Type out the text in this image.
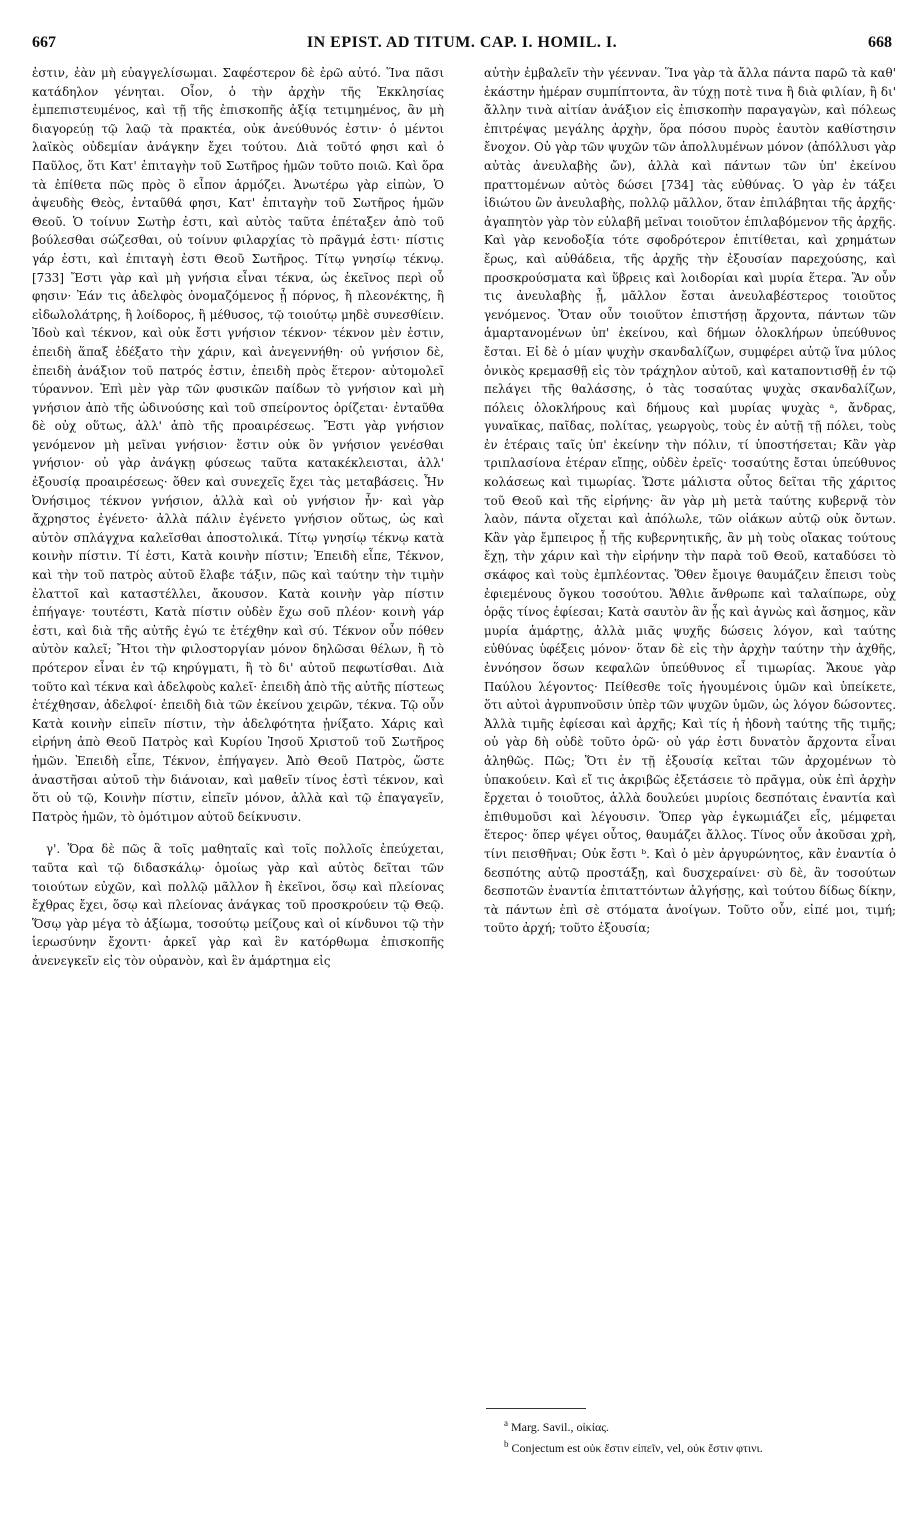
667	IN EPIST. AD TITUM. CAP. I. HOMIL. I.	668

ἐστιν, ἐὰν μὴ εὐαγγελίσωμαι. Σαφέστερον δὲ ἐρῶ αὐτό. Ἵνα πᾶσι κατάδηλον γένηται. Οἷον, ὁ τὴν ἀρχὴν τῆς Ἐκκλησίας ἐμπεπιστευμένος, καὶ τῇ τῆς ἐπισκοπῆς ἀξίᾳ τετιμημένος, ἂν μὴ διαγορεύῃ τῷ λαῷ τὰ πρακτέα, οὐκ ἀνεύθυνός ἐστιν· ὁ μέντοι λαϊκὸς οὐδεμίαν ἀνάγκην ἔχει τούτου. Διὰ τοῦτό φησι καὶ ὁ Παῦλος, ὅτι Κατ' ἐπιταγὴν τοῦ Σωτῆρος ἡμῶν τοῦτο ποιῶ. Καὶ ὅρα τὰ ἐπίθετα πῶς πρὸς ὃ εἶπον ἁρμόζει. Ἀνωτέρω γὰρ εἰπὼν, Ὁ ἀψευδὴς Θεὸς, ἐνταῦθά φησι, Κατ' ἐπιταγὴν τοῦ Σωτῆρος ἡμῶν Θεοῦ. Ὁ τοίνυν Σωτὴρ ἐστι, καὶ αὐτὸς ταῦτα ἐπέταξεν ἀπὸ τοῦ βούλεσθαι σώζεσθαι, οὐ τοίνυν φιλαρχίας τὸ πρᾶγμά ἐστι· πίστις γάρ ἐστι, καὶ ἐπιταγὴ ἐστι Θεοῦ Σωτῆρος. Τίτῳ γνησίῳ τέκνῳ. [733] Ἔστι γὰρ καὶ μὴ γνήσια εἶναι τέκνα, ὡς ἐκεῖνος περὶ οὗ φησιν· Ἐάν τις ἀδελφὸς ὀνομαζόμενος ᾖ πόρνος, ἢ πλεονέκτης, ἢ εἰδωλολάτρης, ἢ λοίδορος, ἢ μέθυσος, τῷ τοιούτῳ μηδὲ συνεσθίειν. Ἰδοὺ καὶ τέκνον, καὶ οὐκ ἔστι γνήσιον τέκνον· τέκνον μὲν ἐστιν, ἐπειδὴ ἅπαξ ἐδέξατο τὴν χάριν, καὶ ἀνεγεννήθη· οὐ γνήσιον δὲ, ἐπειδὴ ἀνάξιον τοῦ πατρός ἐστιν, ἐπειδὴ πρὸς ἕτερον· αὐτομολεῖ τύραννον. Ἐπὶ μὲν γὰρ τῶν φυσικῶν παίδων τὸ γνήσιον καὶ μὴ γνήσιον ἀπὸ τῆς ὠδινούσης καὶ τοῦ σπείροντος ὁρίζεται· ἐνταῦθα δὲ οὐχ οὕτως, ἀλλ' ἀπὸ τῆς προαιρέσεως. Ἔστι γὰρ γνήσιον γενόμενον μὴ μεῖναι γνήσιον· ἔστιν οὐκ ὂν γνήσιον γενέσθαι γνήσιον· οὐ γὰρ ἀνάγκῃ φύσεως ταῦτα κατακέκλεισται, ἀλλ' ἐξουσίᾳ προαιρέσεως· ὅθεν καὶ συνεχεῖς ἔχει τὰς μεταβάσεις. Ἦν Ὀνήσιμος τέκνον γνήσιον, ἀλλὰ καὶ οὐ γνήσιον ἦν· καὶ γὰρ ἄχρηστος ἐγένετο· ἀλλὰ πάλιν ἐγένετο γνήσιον οὕτως, ὡς καὶ αὐτὸν σπλάγχνα καλεῖσθαι ἀποστολικά. Τίτῳ γνησίῳ τέκνῳ κατὰ κοινὴν πίστιν. Τί ἐστι, Κατὰ κοινὴν πίστιν; Ἐπειδὴ εἶπε, Τέκνον, καὶ τὴν τοῦ πατρὸς αὐτοῦ ἔλαβε τάξιν, πῶς καὶ ταύτην τὴν τιμὴν ἐλαττοῖ καὶ καταστέλλει, ἄκουσον. Κατὰ κοινὴν γὰρ πίστιν ἐπήγαγε· τουτέστι, Κατὰ πίστιν οὐδὲν ἔχω σοῦ πλέον· κοινὴ γάρ ἐστι, καὶ διὰ τῆς αὐτῆς ἐγώ τε ἐτέχθην καὶ σύ. Τέκνον οὖν πόθεν αὐτὸν καλεῖ; Ἤτοι τὴν φιλοστοργίαν μόνον δηλῶσαι θέλων, ἢ τὸ πρότερον εἶναι ἐν τῷ κηρύγματι, ἢ τὸ δι' αὐτοῦ πεφωτίσθαι. Διὰ τοῦτο καὶ τέκνα καὶ ἀδελφοὺς καλεῖ· ἐπειδὴ ἀπὸ τῆς αὐτῆς πίστεως ἐτέχθησαν, ἀδελφοί· ἐπειδὴ διὰ τῶν ἐκείνου χειρῶν, τέκνα. Τῷ οὖν Κατὰ κοινὴν εἰπεῖν πίστιν, τὴν ἀδελφότητα ᾐνίξατο. Χάρις καὶ εἰρήνη ἀπὸ Θεοῦ Πατρὸς καὶ Κυρίου Ἰησοῦ Χριστοῦ τοῦ Σωτῆρος ἡμῶν. Ἐπειδὴ εἶπε, Τέκνον, ἐπήγαγεν. Ἀπὸ Θεοῦ Πατρὸς, ὥστε ἀναστῆσαι αὐτοῦ τὴν διάνοιαν, καὶ μαθεῖν τίνος ἐστὶ τέκνον, καὶ ὅτι οὐ τῷ, Κοινὴν πίστιν, εἰπεῖν μόνον, ἀλλὰ καὶ τῷ ἐπαγαγεῖν, Πατρὸς ἡμῶν, τὸ ὁμότιμον αὐτοῦ δείκνυσιν.

γ'. Ὅρα δὲ πῶς ἃ τοῖς μαθηταῖς καὶ τοῖς πολλοῖς ἐπεύχεται, ταῦτα καὶ τῷ διδασκάλῳ· ὁμοίως γὰρ καὶ αὐτὸς δεῖται τῶν τοιούτων εὐχῶν, καὶ πολλῷ μᾶλλον ἢ ἐκεῖνοι, ὅσῳ καὶ πλείονας ἔχθρας ἔχει, ὅσῳ καὶ πλείονας ἀνάγκας τοῦ προσκρούειν τῷ Θεῷ. Ὅσῳ γὰρ μέγα τὸ ἀξίωμα, τοσούτῳ μείζους καὶ οἱ κίνδυνοι τῷ τὴν ἱερωσύνην ἔχοντι· ἀρκεῖ γὰρ καὶ ἓν κατόρθωμα ἐπισκοπῆς ἀνενεγκεῖν εἰς τὸν οὐρανὸν, καὶ ἓν ἁμάρτημα εἰς

αὐτὴν ἐμβαλεῖν τὴν γέενναν. Ἵνα γὰρ τὰ ἄλλα πάντα παρῶ τὰ καθ' ἑκάστην ἡμέραν συμπίπτοντα, ἂν τύχῃ ποτὲ τινα ἢ διὰ φιλίαν, ἢ δι' ἄλλην τινὰ αἰτίαν ἀνάξιον εἰς ἐπισκοπὴν παραγαγὼν, καὶ πόλεως ἐπιτρέψας μεγάλης ἀρχὴν, ὅρα πόσου πυρὸς ἑαυτὸν καθίστησιν ἔνοχον. Οὐ γὰρ τῶν ψυχῶν τῶν ἀπολλυμένων μόνον (ἀπόλλυσι γὰρ αὐτὰς ἀνευλαβὴς ὤν), ἀλλὰ καὶ πάντων τῶν ὑπ' ἐκείνου πραττομένων αὐτὸς δώσει [734] τὰς εὐθύνας. Ὁ γὰρ ἐν τάξει ἰδιώτου ὢν ἀνευλαβὴς, πολλῷ μᾶλλον, ὅταν ἐπιλάβηται τῆς ἀρχῆς· ἀγαπητὸν γὰρ τὸν εὐλαβῆ μεῖναι τοιοῦτον ἐπιλαβόμενον τῆς ἀρχῆς. Καὶ γὰρ κενοδοξία τότε σφοδρότερον ἐπιτίθεται, καὶ χρημάτων ἔρως, καὶ αὐθάδεια, τῆς ἀρχῆς τὴν ἐξουσίαν παρεχούσης, καὶ προσκρούσματα καὶ ὕβρεις καὶ λοιδορίαι καὶ μυρία ἕτερα. Ἂν οὖν τις ἀνευλαβὴς ᾖ, μᾶλλον ἔσται ἀνευλαβέστερος τοιοῦτος γενόμενος. Ὅταν οὖν τοιοῦτον ἐπιστήσῃ ἄρχοντα, πάντων τῶν ἁμαρτανομένων ὑπ' ἐκείνου, καὶ δήμων ὁλοκλήρων ὑπεύθυνος ἔσται. Εἰ δὲ ὁ μίαν ψυχὴν σκανδαλίζων, συμφέρει αὐτῷ ἵνα μύλος ὀνικὸς κρεμασθῇ εἰς τὸν τράχηλον αὐτοῦ, καὶ καταποντισθῇ ἐν τῷ πελάγει τῆς θαλάσσης, ὁ τὰς τοσαύτας ψυχὰς σκανδαλίζων, πόλεις ὁλοκλήρους καὶ δήμους καὶ μυρίας ψυχὰς ᵃ, ἄνδρας, γυναῖκας, παῖδας, πολίτας, γεωργοὺς, τοὺς ἐν αὐτῇ τῇ πόλει, τοὺς ἐν ἑτέραις ταῖς ὑπ' ἐκείνην τὴν πόλιν, τί ὑποστήσεται; Κἂν γὰρ τριπλασίονα ἑτέραν εἴπῃς, οὐδὲν ἐρεῖς· τοσαύτης ἔσται ὑπεύθυνος κολάσεως καὶ τιμωρίας. Ὥστε μάλιστα οὗτος δεῖται τῆς χάριτος τοῦ Θεοῦ καὶ τῆς εἰρήνης· ἂν γὰρ μὴ μετὰ ταύτης κυβερνᾷ τὸν λαὸν, πάντα οἴχεται καὶ ἀπόλωλε, τῶν οἰάκων αὐτῷ οὐκ ὄντων. Κἂν γὰρ ἔμπειρος ᾖ τῆς κυβερνητικῆς, ἂν μὴ τοὺς οἴακας τούτους ἔχῃ, τὴν χάριν καὶ τὴν εἰρήνην τὴν παρὰ τοῦ Θεοῦ, καταδύσει τὸ σκάφος καὶ τοὺς ἐμπλέοντας. Ὅθεν ἔμοιγε θαυμάζειν ἔπεισι τοὺς ἐφιεμένους ὄγκου τοσούτου. Ἄθλιε ἄνθρωπε καὶ ταλαίπωρε, οὐχ ὁρᾷς τίνος ἐφίεσαι; Κατὰ σαυτὸν ἂν ᾖς καὶ ἀγνὼς καὶ ἄσημος, κἂν μυρία ἁμάρτῃς, ἀλλὰ μιᾶς ψυχῆς δώσεις λόγον, καὶ ταύτης εὐθύνας ὑφέξεις μόνον· ὅταν δὲ εἰς τὴν ἀρχὴν ταύτην τὴν ἀχθῆς, ἐννόησον ὅσων κεφαλῶν ὑπεύθυνος εἶ τιμωρίας. Ἄκουε γὰρ Παύλου λέγοντος· Πείθεσθε τοῖς ἡγουμένοις ὑμῶν καὶ ὑπείκετε, ὅτι αὐτοὶ ἀγρυπνοῦσιν ὑπὲρ τῶν ψυχῶν ὑμῶν, ὡς λόγον δώσοντες. Ἀλλὰ τιμῆς ἐφίεσαι καὶ ἀρχῆς; Καὶ τίς ἡ ἡδονὴ ταύτης τῆς τιμῆς; οὐ γὰρ δὴ οὐδὲ τοῦτο ὁρῶ· οὐ γάρ ἐστι δυνατὸν ἄρχοντα εἶναι ἀληθῶς. Πῶς; Ὅτι ἐν τῇ ἐξουσίᾳ κεῖται τῶν ἀρχομένων τὸ ὑπακούειν. Καὶ εἴ τις ἀκριβῶς ἐξετάσειε τὸ πρᾶγμα, οὐκ ἐπὶ ἀρχὴν ἔρχεται ὁ τοιοῦτος, ἀλλὰ δουλεύει μυρίοις δεσπόταις ἐναντία καὶ ἐπιθυμοῦσι καὶ λέγουσιν. Ὅπερ γὰρ ἐγκωμιάζει εἷς, μέμφεται ἕτερος· ὅπερ ψέγει οὗτος, θαυμάζει ἄλλος. Τίνος οὖν ἀκοῦσαι χρὴ, τίνι πεισθῆναι; Οὐκ ἔστι ᵇ. Καὶ ὁ μὲν ἀργυρώνητος, κἂν ἐναντία ὁ δεσπότης αὐτῷ προστάξῃ, καὶ δυσχεραίνει· σὺ δὲ, ἂν τοσούτων δεσποτῶν ἐναντία ἐπιταττόντων ἀλγήσῃς, καὶ τούτου δίδως δίκην, τὰ πάντων ἐπὶ σὲ στόματα ἀνοίγων. Τοῦτο οὖν, εἰπέ μοι, τιμή; τοῦτο ἀρχή; τοῦτο ἐξουσία;

$^a$ Marg. Savil., οἰκίας.
$^b$ Conjectum est οὐκ ἔστιν εἰπεῖν, vel, οὐκ ἔστιν φτινι.
